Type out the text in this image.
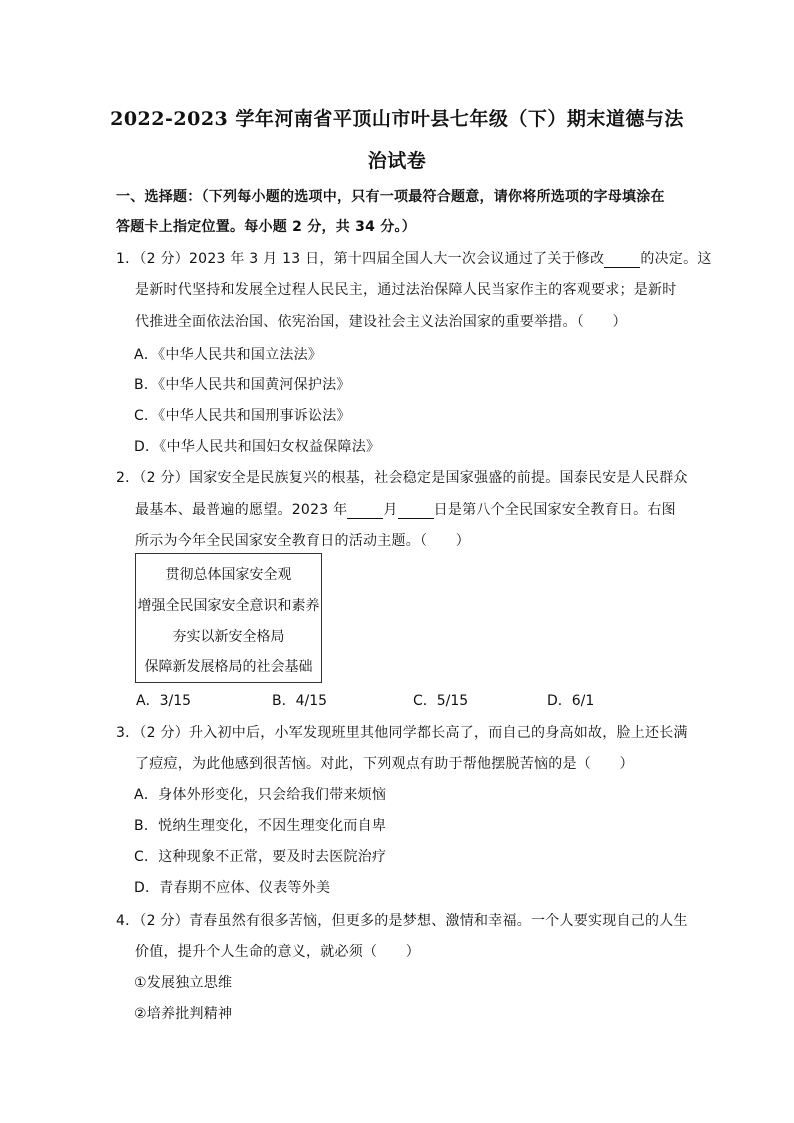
2022-2023 学年河南省平顶山市叶县七年级（下）期末道德与法
治试卷
一、选择题：（下列每小题的选项中，只有一项最符合题意，请你将所选项的字母填涂在
答题卡上指定位置。每小题 2 分，共 34 分。）
1．（2 分）2023 年 3 月 13 日，第十四届全国人大一次会议通过了关于修改	的决定。这
是新时代坚持和发展全过程人民民主，通过法治保障人民当家作主的客观要求；是新时
代推进全面依法治国、依宪治国，建设社会主义法治国家的重要举措。（　　）
A．《中华人民共和国立法法》
B．《中华人民共和国黄河保护法》
C．《中华人民共和国刑事诉讼法》
D．《中华人民共和国妇女权益保障法》
2．（2 分）国家安全是民族复兴的根基，社会稳定是国家强盛的前提。国泰民安是人民群众
最基本、最普遍的愿望。2023 年	月	日是第八个全民国家安全教育日。右图
所示为今年全民国家安全教育日的活动主题。（　　）
贯彻总体国家安全观
增强全民国家安全意识和素养
夯实以新安全格局
保障新发展格局的社会基础
A．3/15	B．4/15	C．5/15	D．6/1
3．（2 分）升入初中后，小军发现班里其他同学都长高了，而自己的身高如故，脸上还长满
了痘痘，为此他感到很苦恼。对此，下列观点有助于帮他摆脱苦恼的是（　　）
A．身体外形变化，只会给我们带来烦恼
B．悦纳生理变化，不因生理变化而自卑
C．这种现象不正常，要及时去医院治疗
D．青春期不应体、仪表等外美
4．（2 分）青春虽然有很多苦恼，但更多的是梦想、激情和幸福。一个人要实现自己的人生
价值，提升个人生命的意义，就必须（　　）
①发展独立思维
②培养批判精神
